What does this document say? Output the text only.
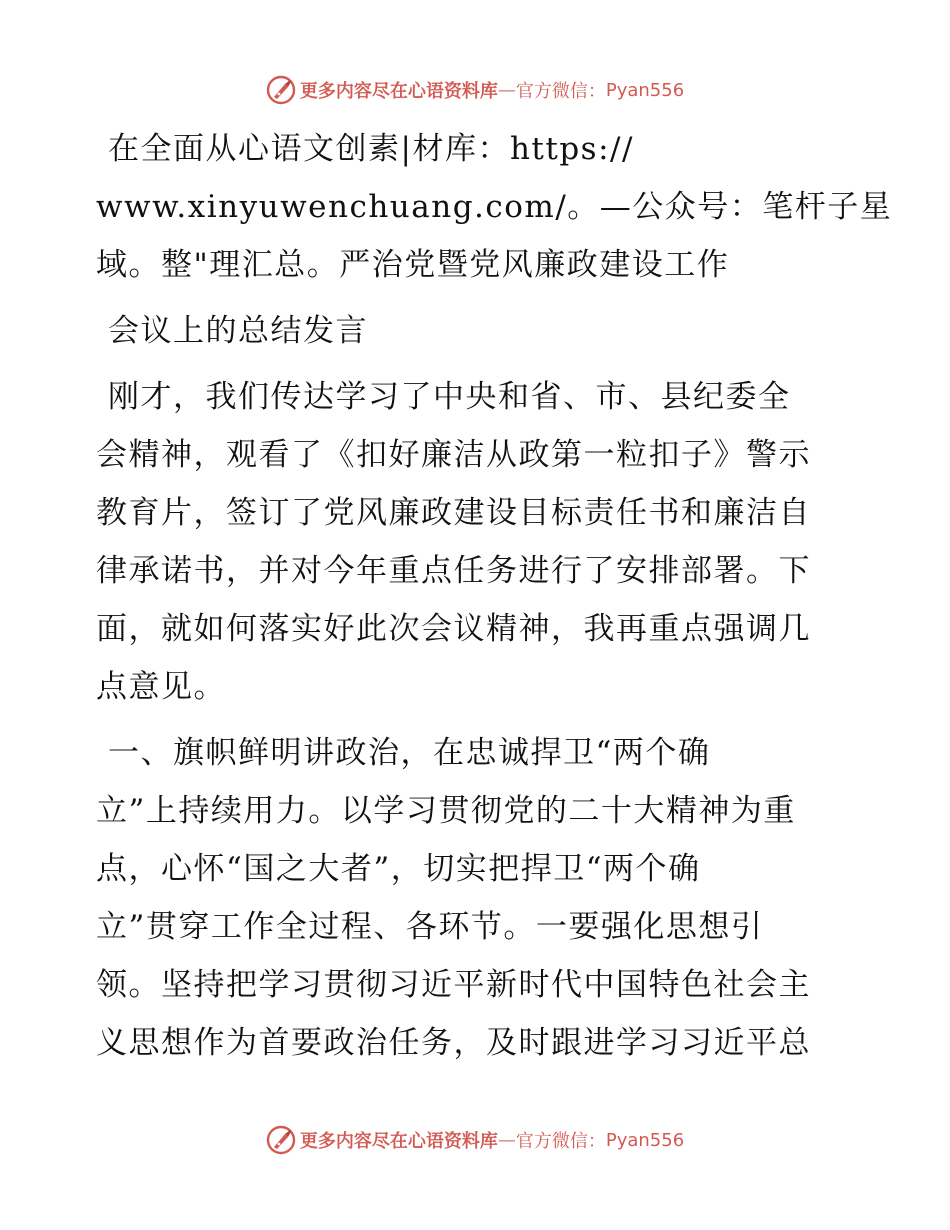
更多内容尽在心语资料库 — 官方微信： Pyan556
在全面从心语文创素|材库：https://
www.xinyuwenchuang.com/。—公众号：笔杆子星
域。整"理汇总。严治党暨党风廉政建设工作
会议上的总结发言
刚才，我们传达学习了中央和省、市、县纪委全
会精神，观看了《扣好廉洁从政第一粒扣子》警示
教育片，签订了党风廉政建设目标责任书和廉洁自
律承诺书，并对今年重点任务进行了安排部署。下
面，就如何落实好此次会议精神，我再重点强调几
点意见。
一、旗帜鲜明讲政治，在忠诚捍卫“两个确
立”上持续用力。以学习贯彻党的二十大精神为重
点，心怀“国之大者”，切实把捍卫“两个确
立”贯穿工作全过程、各环节。一要强化思想引
领。坚持把学习贯彻习近平新时代中国特色社会主
义思想作为首要政治任务，及时跟进学习习近平总
更多内容尽在心语资料库 — 官方微信： Pyan556
